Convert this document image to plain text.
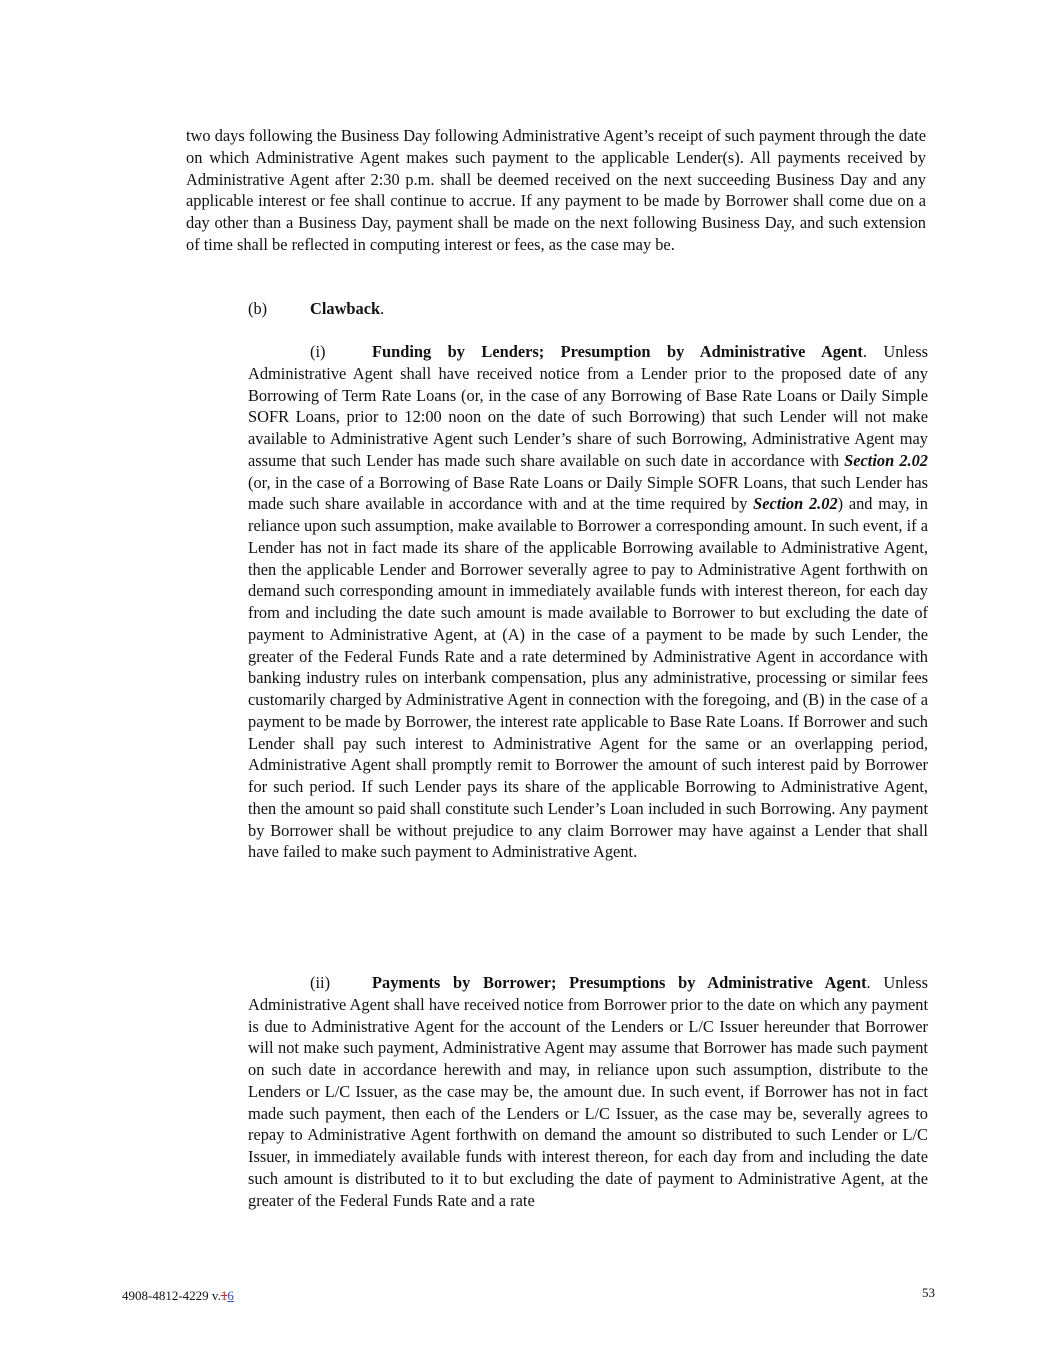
two days following the Business Day following Administrative Agent’s receipt of such payment through the date on which Administrative Agent makes such payment to the applicable Lender(s). All payments received by Administrative Agent after 2:30 p.m. shall be deemed received on the next succeeding Business Day and any applicable interest or fee shall continue to accrue. If any payment to be made by Borrower shall come due on a day other than a Business Day, payment shall be made on the next following Business Day, and such extension of time shall be reflected in computing interest or fees, as the case may be.

(b)	Clawback.

(i)	Funding by Lenders; Presumption by Administrative Agent. Unless Administrative Agent shall have received notice from a Lender prior to the proposed date of any Borrowing of Term Rate Loans (or, in the case of any Borrowing of Base Rate Loans or Daily Simple SOFR Loans, prior to 12:00 noon on the date of such Borrowing) that such Lender will not make available to Administrative Agent such Lender’s share of such Borrowing, Administrative Agent may assume that such Lender has made such share available on such date in accordance with Section 2.02 (or, in the case of a Borrowing of Base Rate Loans or Daily Simple SOFR Loans, that such Lender has made such share available in accordance with and at the time required by Section 2.02) and may, in reliance upon such assumption, make available to Borrower a corresponding amount. In such event, if a Lender has not in fact made its share of the applicable Borrowing available to Administrative Agent, then the applicable Lender and Borrower severally agree to pay to Administrative Agent forthwith on demand such corresponding amount in immediately available funds with interest thereon, for each day from and including the date such amount is made available to Borrower to but excluding the date of payment to Administrative Agent, at (A) in the case of a payment to be made by such Lender, the greater of the Federal Funds Rate and a rate determined by Administrative Agent in accordance with banking industry rules on interbank compensation, plus any administrative, processing or similar fees customarily charged by Administrative Agent in connection with the foregoing, and (B) in the case of a payment to be made by Borrower, the interest rate applicable to Base Rate Loans. If Borrower and such Lender shall pay such interest to Administrative Agent for the same or an overlapping period, Administrative Agent shall promptly remit to Borrower the amount of such interest paid by Borrower for such period. If such Lender pays its share of the applicable Borrowing to Administrative Agent, then the amount so paid shall constitute such Lender’s Loan included in such Borrowing. Any payment by Borrower shall be without prejudice to any claim Borrower may have against a Lender that shall have failed to make such payment to Administrative Agent.

(ii)	Payments by Borrower; Presumptions by Administrative Agent. Unless Administrative Agent shall have received notice from Borrower prior to the date on which any payment is due to Administrative Agent for the account of the Lenders or L/C Issuer hereunder that Borrower will not make such payment, Administrative Agent may assume that Borrower has made such payment on such date in accordance herewith and may, in reliance upon such assumption, distribute to the Lenders or L/C Issuer, as the case may be, the amount due. In such event, if Borrower has not in fact made such payment, then each of the Lenders or L/C Issuer, as the case may be, severally agrees to repay to Administrative Agent forthwith on demand the amount so distributed to such Lender or L/C Issuer, in immediately available funds with interest thereon, for each day from and including the date such amount is distributed to it to but excluding the date of payment to Administrative Agent, at the greater of the Federal Funds Rate and a rate

4908-4812-4229 v.16	53
